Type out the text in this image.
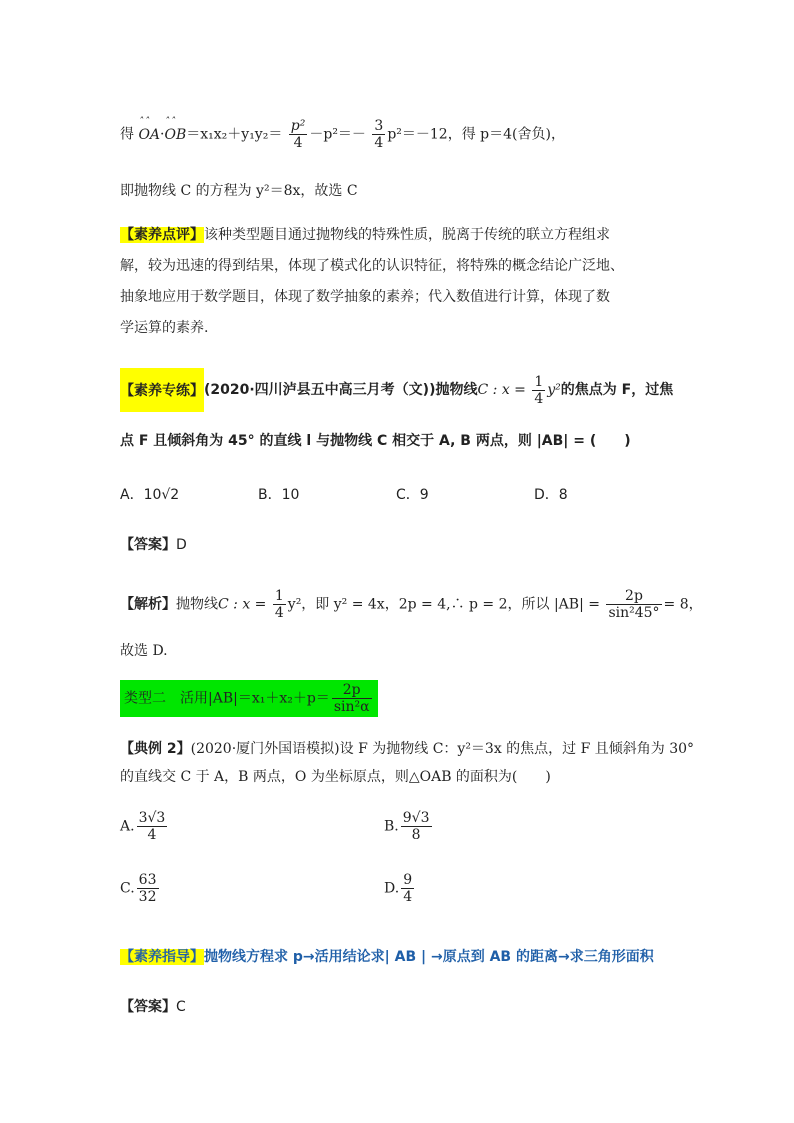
得 ˆˆ OA·ˆˆ $OB=x_1x_2+y_1y_2= \frac{\text{p²}}{4} -p^2=- \frac{3}{4} p^2=-12$，得 p＝4(舍负)，
即抛物线 C 的方程为 y²＝8x，故选 C
【素养点评】该种类型题目通过抛物线的特殊性质，脱离于传统的联立方程组求
解，较为迅速的得到结果，体现了模式化的认识特征，将特殊的概念结论广泛地、
抽象地应用于数学题目，体现了数学抽象的素养；代入数值进行计算，体现了数
学运算的素养.
【素养专练】(2020·四川泸县五中高三月考（文))抛物线C : $x = \frac{1}{4} y^2$的焦点为 F，过焦
点 F 且倾斜角为 45° 的直线 l 与抛物线 C 相交于 A, B 两点，则 |AB| = (　　)
A．10√2	B．10	C．9	D．8
【答案】D
【解析】抛物线C : $x = \frac{1}{4} y^2$，即 y² = 4x，2p = 4,∴ p = 2，所以 $|AB| = \frac{2p}{\text{sin²45°}} = 8$，
故选 D.
类型二　活用$|AB|=x_1+x_2+p= \frac{2p}{\text{sin²α}}$
【典例 2】(2020·厦门外国语模拟)设 F 为抛物线 C：y²＝3x 的焦点，过 F 且倾斜角为 30°
的直线交 C 于 A，B 两点，O 为坐标原点，则△OAB 的面积为(　　)
A. $\frac{3√3}{4}$	B. $\frac{9√3}{8}$
C. $\frac{63}{32}$	D. $\frac{9}{4}$
【素养指导】抛物线方程求 p→活用结论求| AB | →原点到 AB 的距离→求三角形面积
【答案】C
